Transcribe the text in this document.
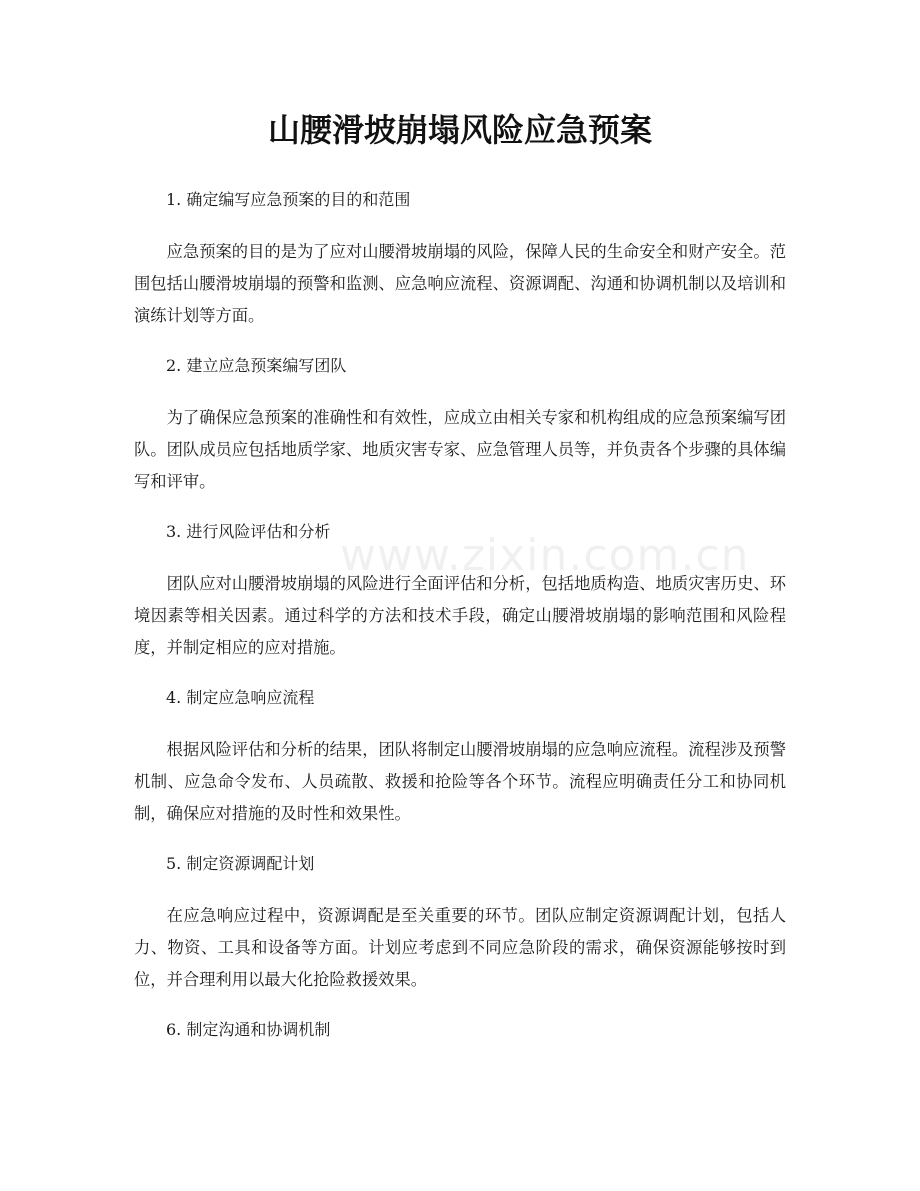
www.zixin.com.cn
山腰滑坡崩塌风险应急预案

1. 确定编写应急预案的目的和范围

应急预案的目的是为了应对山腰滑坡崩塌的风险，保障人民的生命安全和财产安全。范围包括山腰滑坡崩塌的预警和监测、应急响应流程、资源调配、沟通和协调机制以及培训和演练计划等方面。

2. 建立应急预案编写团队

为了确保应急预案的准确性和有效性，应成立由相关专家和机构组成的应急预案编写团队。团队成员应包括地质学家、地质灾害专家、应急管理人员等，并负责各个步骤的具体编写和评审。

3. 进行风险评估和分析

团队应对山腰滑坡崩塌的风险进行全面评估和分析，包括地质构造、地质灾害历史、环境因素等相关因素。通过科学的方法和技术手段，确定山腰滑坡崩塌的影响范围和风险程度，并制定相应的应对措施。

4. 制定应急响应流程

根据风险评估和分析的结果，团队将制定山腰滑坡崩塌的应急响应流程。流程涉及预警机制、应急命令发布、人员疏散、救援和抢险等各个环节。流程应明确责任分工和协同机制，确保应对措施的及时性和效果性。

5. 制定资源调配计划

在应急响应过程中，资源调配是至关重要的环节。团队应制定资源调配计划，包括人力、物资、工具和设备等方面。计划应考虑到不同应急阶段的需求，确保资源能够按时到位，并合理利用以最大化抢险救援效果。

6. 制定沟通和协调机制
